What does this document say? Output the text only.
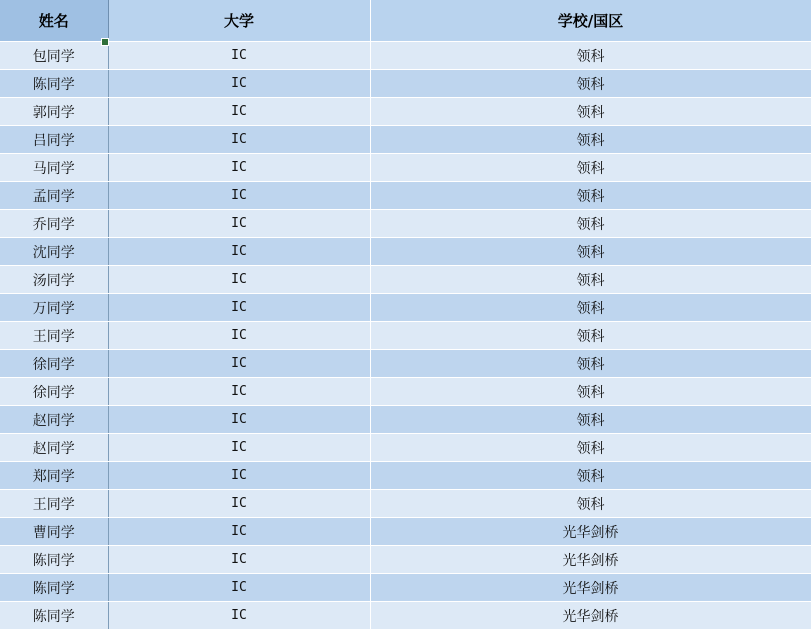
姓名	大学	学校/国区
包同学	IC	领科
陈同学	IC	领科
郭同学	IC	领科
吕同学	IC	领科
马同学	IC	领科
孟同学	IC	领科
乔同学	IC	领科
沈同学	IC	领科
汤同学	IC	领科
万同学	IC	领科
王同学	IC	领科
徐同学	IC	领科
徐同学	IC	领科
赵同学	IC	领科
赵同学	IC	领科
郑同学	IC	领科
王同学	IC	领科
曹同学	IC	光华剑桥
陈同学	IC	光华剑桥
陈同学	IC	光华剑桥
陈同学	IC	光华剑桥
